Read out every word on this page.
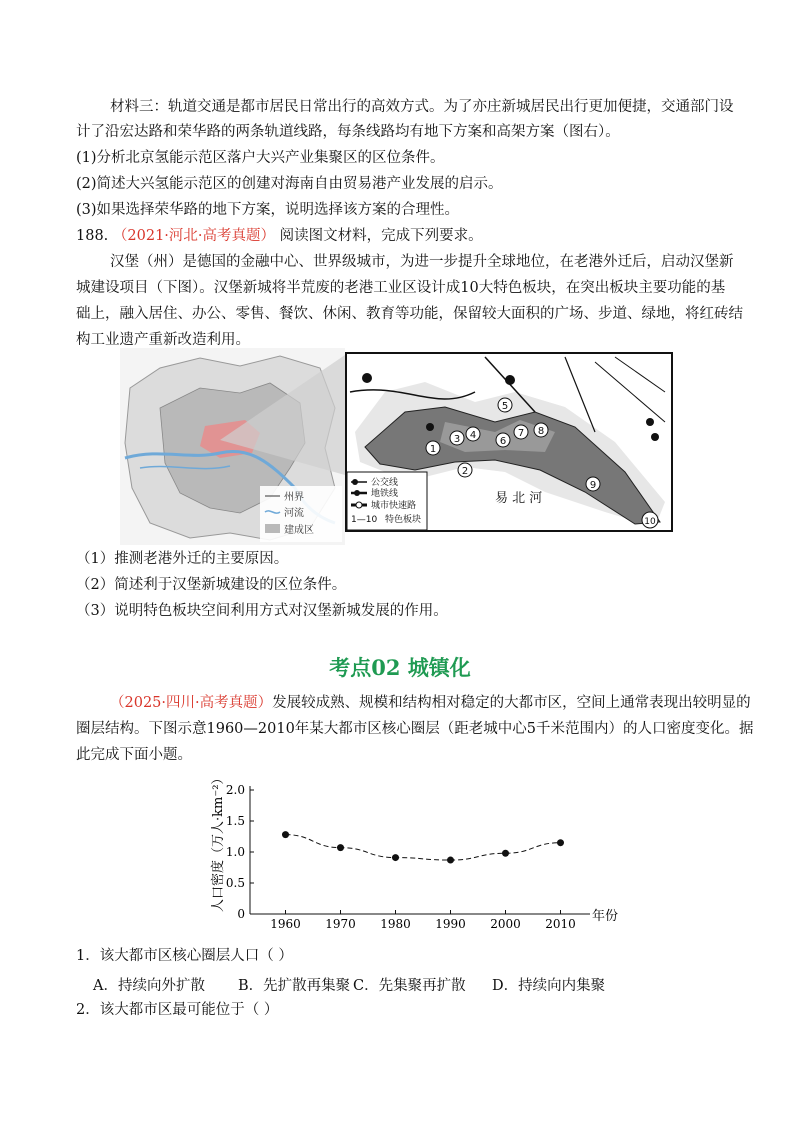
材料三：轨道交通是都市居民日常出行的高效方式。为了亦庄新城居民出行更加便捷，交通部门设
计了沿宏达路和荣华路的两条轨道线路，每条线路均有地下方案和高架方案（图右）。
(1)分析北京氢能示范区落户大兴产业集聚区的区位条件。
(2)简述大兴氢能示范区的创建对海南自由贸易港产业发展的启示。
(3)如果选择荣华路的地下方案，说明选择该方案的合理性。
188. （2021·河北·高考真题） 阅读图文材料，完成下列要求。
汉堡（州）是德国的金融中心、世界级城市，为进一步提升全球地位，在老港外迁后，启动汉堡新
城建设项目（下图）。汉堡新城将半荒废的老港工业区设计成10大特色板块，在突出板块主要功能的基
础上，融入居住、办公、零售、餐饮、休闲、教育等功能，保留较大面积的广场、步道、绿地，将红砖结
构工业遗产重新改造利用。
州界
河流
建成区
1
2
3 4
5
6
7 8
9
10
易 北 河
公交线
地铁线
城市快速路
1—10 特色板块
（1）推测老港外迁的主要原因。
（2）简述利于汉堡新城建设的区位条件。
（3）说明特色板块空间利用方式对汉堡新城发展的作用。
考点02 城镇化
（2025·四川·高考真题）发展较成熟、规模和结构相对稳定的大都市区，空间上通常表现出较明显的
圈层结构。下图示意1960—2010年某大都市区核心圈层（距老城中心5千米范围内）的人口密度变化。据
此完成下面小题。
0
0.5
1.0
1.5
2.0
1960 1970 1980 1990 2000 2010 年份
人口密度（万人·km⁻²）
1．该大都市区核心圈层人口（ ）
A．持续向外扩散 B．先扩散再集聚 C．先集聚再扩散 D．持续向内集聚
2．该大都市区最可能位于（ ）
